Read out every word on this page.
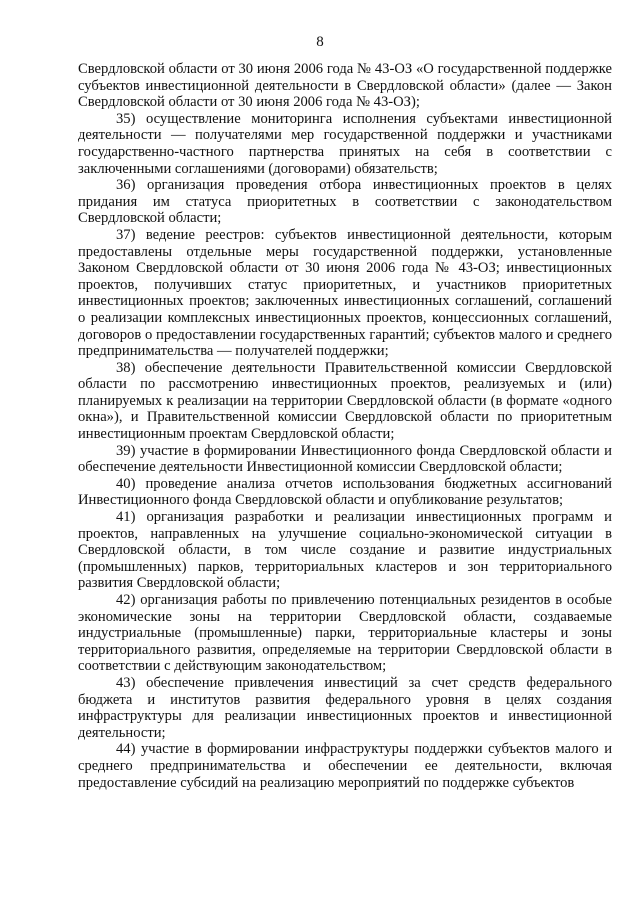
8

Свердловской области от 30 июня 2006 года № 43-ОЗ «О государственной поддержке субъектов инвестиционной деятельности в Свердловской области» (далее — Закон Свердловской области от 30 июня 2006 года № 43-ОЗ);

35) осуществление мониторинга исполнения субъектами инвестиционной деятельности — получателями мер государственной поддержки и участниками государственно-частного партнерства принятых на себя в соответствии с заключенными соглашениями (договорами) обязательств;

36) организация проведения отбора инвестиционных проектов в целях придания им статуса приоритетных в соответствии с законодательством Свердловской области;

37) ведение реестров: субъектов инвестиционной деятельности, которым предоставлены отдельные меры государственной поддержки, установленные Законом Свердловской области от 30 июня 2006 года № 43-ОЗ; инвестиционных проектов, получивших статус приоритетных, и участников приоритетных инвестиционных проектов; заключенных инвестиционных соглашений, соглашений о реализации комплексных инвестиционных проектов, концессионных соглашений, договоров о предоставлении государственных гарантий; субъектов малого и среднего предпринимательства — получателей поддержки;

38) обеспечение деятельности Правительственной комиссии Свердловской области по рассмотрению инвестиционных проектов, реализуемых и (или) планируемых к реализации на территории Свердловской области (в формате «одного окна»), и Правительственной комиссии Свердловской области по приоритетным инвестиционным проектам Свердловской области;

39) участие в формировании Инвестиционного фонда Свердловской области и обеспечение деятельности Инвестиционной комиссии Свердловской области;

40) проведение анализа отчетов использования бюджетных ассигнований Инвестиционного фонда Свердловской области и опубликование результатов;

41) организация разработки и реализации инвестиционных программ и проектов, направленных на улучшение социально-экономической ситуации в Свердловской области, в том числе создание и развитие индустриальных (промышленных) парков, территориальных кластеров и зон территориального развития Свердловской области;

42) организация работы по привлечению потенциальных резидентов в особые экономические зоны на территории Свердловской области, создаваемые индустриальные (промышленные) парки, территориальные кластеры и зоны территориального развития, определяемые на территории Свердловской области в соответствии с действующим законодательством;

43) обеспечение привлечения инвестиций за счет средств федерального бюджета и институтов развития федерального уровня в целях создания инфраструктуры для реализации инвестиционных проектов и инвестиционной деятельности;

44) участие в формировании инфраструктуры поддержки субъектов малого и среднего предпринимательства и обеспечении ее деятельности, включая предоставление субсидий на реализацию мероприятий по поддержке субъектов
